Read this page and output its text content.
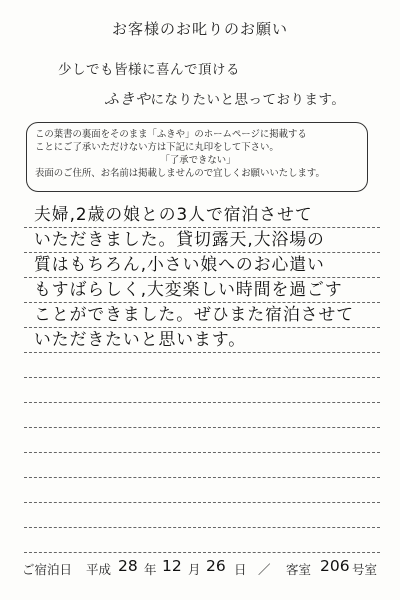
お客様のお叱りのお願い
少しでも皆様に喜んで頂ける
ふきやになりたいと思っております。
この葉書の裏面をそのまま「ふきや」のホームページに掲載する
ことにご了承いただけない方は下記に丸印をして下さい。
「了承できない」
表面のご住所、お名前は掲載しませんので宜しくお願いいたします。
夫婦,2歳の娘との3人で宿泊させて
いただきました。貸切露天,大浴場の
質はもちろん,小さい娘へのお心遣い
もすばらしく,大変楽しい時間を過ごす
ことができました。ぜひまた宿泊させて
いただきたいと思います。
ご宿泊日 平成 28 年 12 月 26 日 ／ 客室 206 号室
